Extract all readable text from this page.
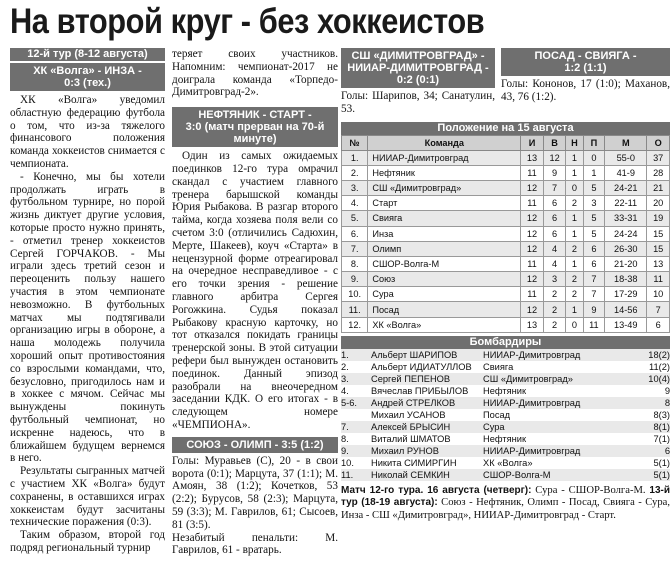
На второй круг - без хоккеистов
12-й тур (8-12 августа)
ХК «Волга» - ИНЗА -
0:3 (тех.)

ХК «Волга» уведомил областную федерацию футбола о том, что из-за тяжелого финансового положения команда хоккеистов снимается с чемпионата.

- Конечно, мы бы хотели продолжать играть в футбольном турнире, но порой жизнь диктует другие условия, которые просто нужно принять, - отметил тренер хоккеистов Сергей ГОРЧАКОВ. - Мы играли здесь третий сезон и переоценить пользу нашего участия в этом чемпионате невозможно. В футбольных матчах мы подтягивали организацию игры в обороне, а наша молодежь получила хороший опыт противостояния со взрослыми командами, что, безусловно, пригодилось нам и в хоккее с мячом. Сейчас мы вынуждены покинуть футбольный чемпионат, но искренне надеюсь, что в ближайшем будущем вернемся в него.

Результаты сыгранных матчей с участием ХК «Волга» будут сохранены, в оставшихся играх хоккеистам будут засчитаны технические поражения (0:3).

Таким образом, второй год подряд региональный турнир

теряет своих участников. Напомним: чемпионат-2017 не доиграла команда «Торпедо-Димитровград-2».

НЕФТЯНИК - СТАРТ -
3:0 (матч прерван на 70-й минуте)

Один из самых ожидаемых поединков 12-го тура омрачил скандал с участием главного тренера барышской команды Юрия Рыбакова. В разгар второго тайма, когда хозяева поля вели со счетом 3:0 (отличились Садюхин, Мерте, Шакеев), коуч «Старта» в нецензурной форме отреагировал на очередное несправедливое - с его точки зрения - решение главного арбитра Сергея Рогожкина. Судья показал Рыбакову красную карточку, но тот отказался покидать границы тренерской зоны. В этой ситуации рефери был вынужден остановить поединок. Данный эпизод разобрали на внеочередном заседании КДК. О его итогах - в следующем номере «ЧЕМПИОНА».

СОЮЗ - ОЛИМП - 3:5 (1:2)

Голы: Муравьев (С), 20 - в свои ворота (0:1); Марцута, 37 (1:1); М. Амоян, 38 (1:2); Кочетков, 53 (2:2); Бурусов, 58 (2:3); Марцута, 59 (3:3); М. Гаврилов, 61; Сысоев, 81 (3:5).

Незабитый пенальти: М. Гаврилов, 61 - вратарь.

СШ «ДИМИТРОВГРАД» - НИИАР-ДИМИТРОВГРАД -
0:2 (0:1)

Голы: Шарипов, 34; Санатулин, 53.

ПОСАД - СВИЯГА -
1:2 (1:1)

Голы: Кононов, 17 (1:0); Маханов, 43, 76 (1:2).

Положение на 15 августа
№	Команда	И	В	Н	П	М	О
1.	НИИАР-Димитровград	13	12	1	0	55-0	37
2.	Нефтяник	11	9	1	1	41-9	28
3.	СШ «Димитровград»	12	7	0	5	24-21	21
4.	Старт	11	6	2	3	22-11	20
5.	Свияга	12	6	1	5	33-31	19
6.	Инза	12	6	1	5	24-24	15
7.	Олимп	12	4	2	6	26-30	15
8.	СШОР-Волга-М	11	4	1	6	21-20	13
9.	Союз	12	3	2	7	18-38	11
10.	Сура	11	2	2	7	17-29	10
11.	Посад	12	2	1	9	14-56	7
12.	ХК «Волга»	13	2	0	11	13-49	6
Бомбардиры
1.	Альберт ШАРИПОВ	НИИАР-Димитровград	18(2)
2.	Альберт ИДИАТУЛЛОВ	Свияга	11(2)
3.	Сергей ПЕПЕНОВ	СШ «Димитровград»	10(4)
4.	Вячеслав ПРИБЫЛОВ	Нефтяник	9
5-6.	Андрей СТРЕЛКОВ	НИИАР-Димитровград	8
Михаил УСАНОВ	Посад	8(3)
7.	Алексей БРЫСИН	Сура	8(1)
8.	Виталий ШМАТОВ	Нефтяник	7(1)
9.	Михаил РУНОВ	НИИАР-Димитровград	6
10.	Никита СИМИРГИН	ХК «Волга»	5(1)
11.	Николай СЕМКИН	СШОР-Волга-М	5(1)
Матч 12-го тура. 16 августа (четверг): Сура - СШОР-Волга-М. 13-й тур (18-19 августа): Союз - Нефтяник, Олимп - Посад, Свияга - Сура, Инза - СШ «Димитровград», НИИАР-Димитровград - Старт.
